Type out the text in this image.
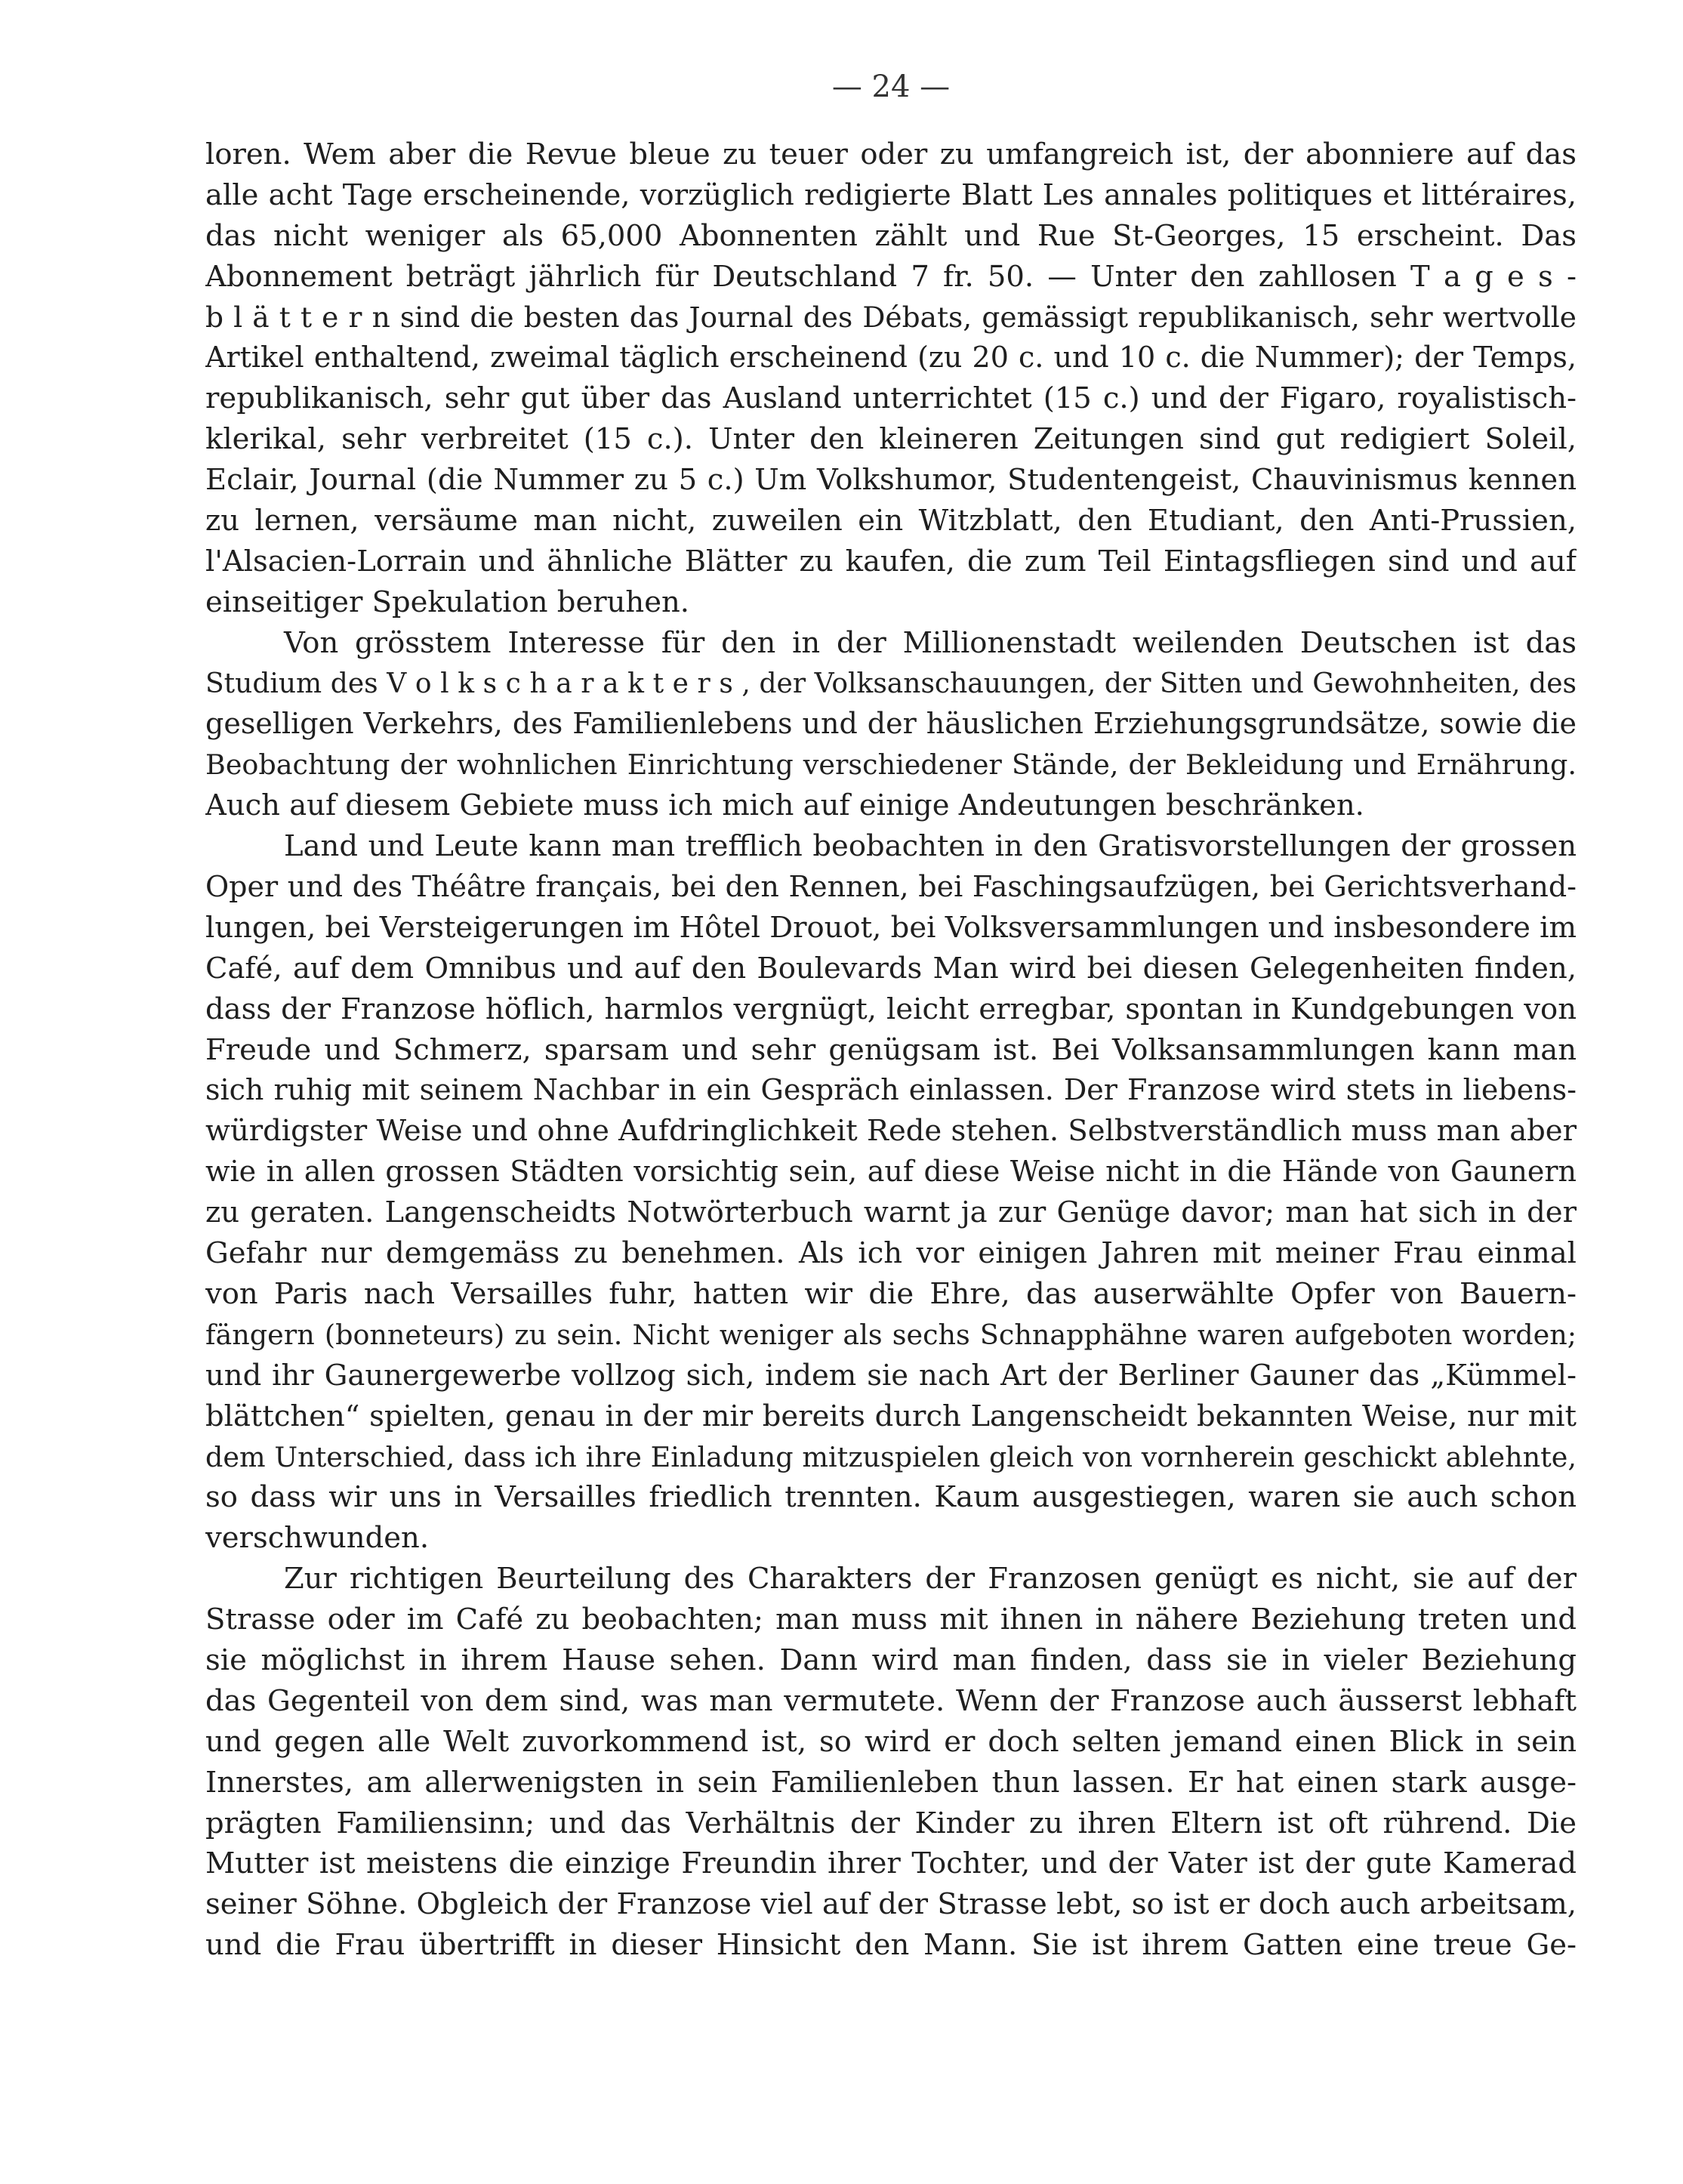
— 24 —
loren. Wem aber die Revue bleue zu teuer oder zu umfangreich ist, der abonniere auf das
alle acht Tage erscheinende, vorzüglich redigierte Blatt Les annales politiques et littéraires,
das nicht weniger als 65,000 Abonnenten zählt und Rue St-Georges, 15 erscheint. Das
Abonnement beträgt jährlich für Deutschland 7 fr. 50. — Unter den zahllosen T a g e s -
b l ä t t e r n sind die besten das Journal des Débats, gemässigt republikanisch, sehr wertvolle
Artikel enthaltend, zweimal täglich erscheinend (zu 20 c. und 10 c. die Nummer); der Temps,
republikanisch, sehr gut über das Ausland unterrichtet (15 c.) und der Figaro, royalistisch-
klerikal, sehr verbreitet (15 c.). Unter den kleineren Zeitungen sind gut redigiert Soleil,
Eclair, Journal (die Nummer zu 5 c.) Um Volkshumor, Studentengeist, Chauvinismus kennen
zu lernen, versäume man nicht, zuweilen ein Witzblatt, den Etudiant, den Anti-Prussien,
l'Alsacien-Lorrain und ähnliche Blätter zu kaufen, die zum Teil Eintagsfliegen sind und auf
einseitiger Spekulation beruhen.
Von grösstem Interesse für den in der Millionenstadt weilenden Deutschen ist das
Studium des V o l k s c h a r a k t e r s , der Volksanschauungen, der Sitten und Gewohnheiten, des
geselligen Verkehrs, des Familienlebens und der häuslichen Erziehungsgrundsätze, sowie die
Beobachtung der wohnlichen Einrichtung verschiedener Stände, der Bekleidung und Ernährung.
Auch auf diesem Gebiete muss ich mich auf einige Andeutungen beschränken.
Land und Leute kann man trefflich beobachten in den Gratisvorstellungen der grossen
Oper und des Théâtre français, bei den Rennen, bei Faschingsaufzügen, bei Gerichtsverhand-
lungen, bei Versteigerungen im Hôtel Drouot, bei Volksversammlungen und insbesondere im
Café, auf dem Omnibus und auf den Boulevards Man wird bei diesen Gelegenheiten finden,
dass der Franzose höflich, harmlos vergnügt, leicht erregbar, spontan in Kundgebungen von
Freude und Schmerz, sparsam und sehr genügsam ist. Bei Volksansammlungen kann man
sich ruhig mit seinem Nachbar in ein Gespräch einlassen. Der Franzose wird stets in liebens-
würdigster Weise und ohne Aufdringlichkeit Rede stehen. Selbstverständlich muss man aber
wie in allen grossen Städten vorsichtig sein, auf diese Weise nicht in die Hände von Gaunern
zu geraten. Langenscheidts Notwörterbuch warnt ja zur Genüge davor; man hat sich in der
Gefahr nur demgemäss zu benehmen. Als ich vor einigen Jahren mit meiner Frau einmal
von Paris nach Versailles fuhr, hatten wir die Ehre, das auserwählte Opfer von Bauern-
fängern (bonneteurs) zu sein. Nicht weniger als sechs Schnapphähne waren aufgeboten worden;
und ihr Gaunergewerbe vollzog sich, indem sie nach Art der Berliner Gauner das „Kümmel-
blättchen“ spielten, genau in der mir bereits durch Langenscheidt bekannten Weise, nur mit
dem Unterschied, dass ich ihre Einladung mitzuspielen gleich von vornherein geschickt ablehnte,
so dass wir uns in Versailles friedlich trennten. Kaum ausgestiegen, waren sie auch schon
verschwunden.
Zur richtigen Beurteilung des Charakters der Franzosen genügt es nicht, sie auf der
Strasse oder im Café zu beobachten; man muss mit ihnen in nähere Beziehung treten und
sie möglichst in ihrem Hause sehen. Dann wird man finden, dass sie in vieler Beziehung
das Gegenteil von dem sind, was man vermutete. Wenn der Franzose auch äusserst lebhaft
und gegen alle Welt zuvorkommend ist, so wird er doch selten jemand einen Blick in sein
Innerstes, am allerwenigsten in sein Familienleben thun lassen. Er hat einen stark ausge-
prägten Familiensinn; und das Verhältnis der Kinder zu ihren Eltern ist oft rührend. Die
Mutter ist meistens die einzige Freundin ihrer Tochter, und der Vater ist der gute Kamerad
seiner Söhne. Obgleich der Franzose viel auf der Strasse lebt, so ist er doch auch arbeitsam,
und die Frau übertrifft in dieser Hinsicht den Mann. Sie ist ihrem Gatten eine treue Ge-
